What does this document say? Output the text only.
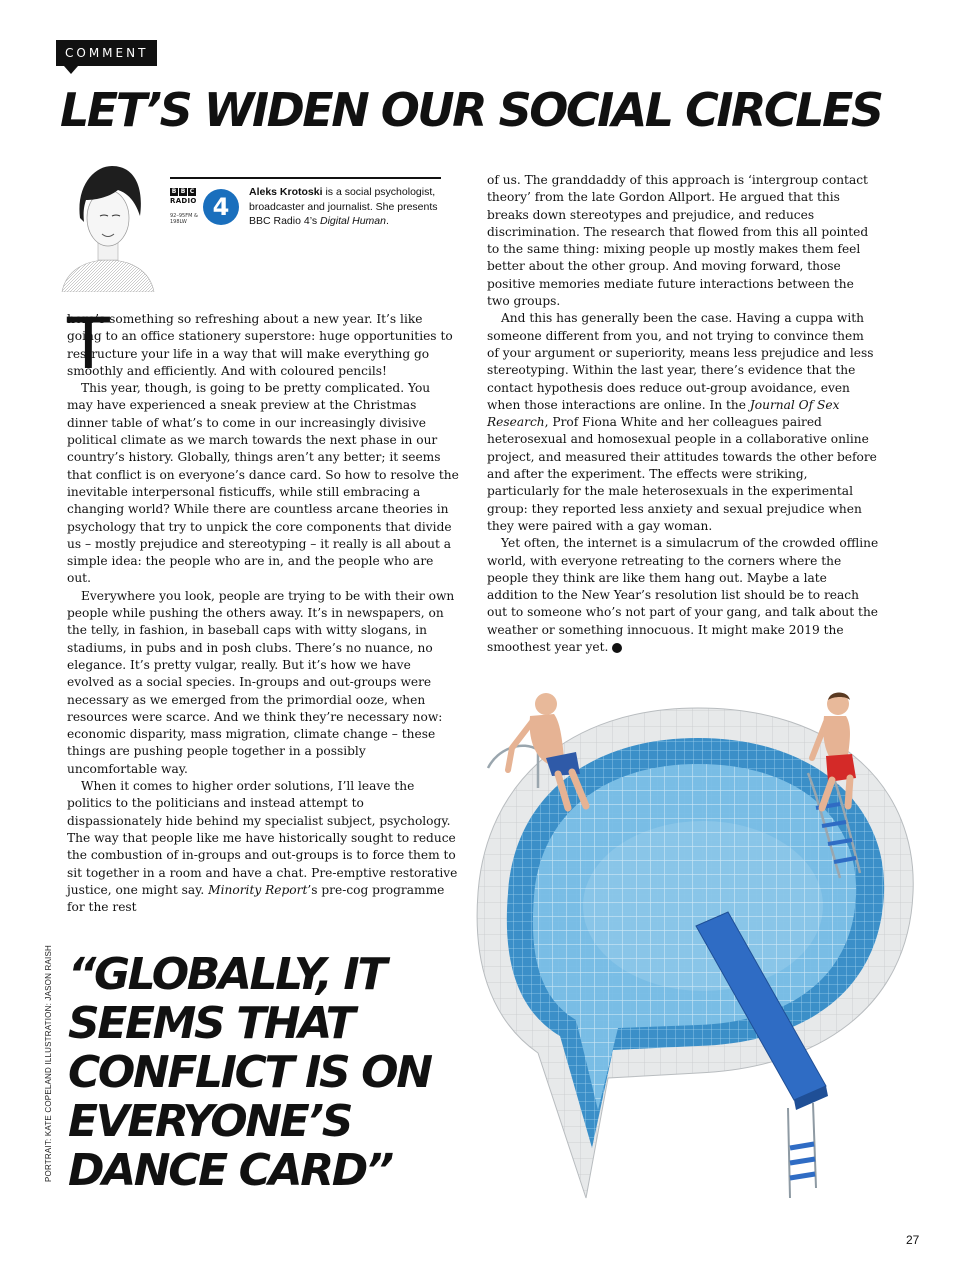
COMMENT
LET’S WIDEN OUR SOCIAL CIRCLES
B B C
RADIO
92–95FM &
198LW
4
Aleks Krotoski is a social psychologist, broadcaster and journalist. She presents BBC Radio 4’s Digital Human.
T

here’s something so refreshing about a new year. It’s like going to an office stationery superstore: huge opportunities to restructure your life in a way that will make everything go smoothly and efficiently. And with coloured pencils!

This year, though, is going to be pretty complicated. You may have experienced a sneak preview at the Christmas dinner table of what’s to come in our increasingly divisive political climate as we march towards the next phase in our country’s history. Globally, things aren’t any better; it seems that conflict is on everyone’s dance card. So how to resolve the inevitable interpersonal fisticuffs, while still embracing a changing world? While there are countless arcane theories in psychology that try to unpick the core components that divide us – mostly prejudice and stereotyping – it really is all about a simple idea: the people who are in, and the people who are out.

Everywhere you look, people are trying to be with their own people while pushing the others away. It’s in newspapers, on the telly, in fashion, in baseball caps with witty slogans, in stadiums, in pubs and in posh clubs. There’s no nuance, no elegance. It’s pretty vulgar, really. But it’s how we have evolved as a social species. In-groups and out-groups were necessary as we emerged from the primordial ooze, when resources were scarce. And we think they’re necessary now: economic disparity, mass migration, climate change – these things are pushing people together in a possibly uncomfortable way.

When it comes to higher order solutions, I’ll leave the politics to the politicians and instead attempt to dispassionately hide behind my specialist subject, psychology. The way that people like me have historically sought to reduce the combustion of in-groups and out-groups is to force them to sit together in a room and have a chat. Pre-emptive restorative justice, one might say. Minority Report’s pre-cog programme for the rest

of us. The granddaddy of this approach is ‘intergroup contact theory’ from the late Gordon Allport. He argued that this breaks down stereotypes and prejudice, and reduces discrimination. The research that flowed from this all pointed to the same thing: mixing people up mostly makes them feel better about the other group. And moving forward, those positive memories mediate future interactions between the two groups.

And this has generally been the case. Having a cuppa with someone different from you, and not trying to convince them of your argument or superiority, means less prejudice and less stereotyping. Within the last year, there’s evidence that the contact hypothesis does reduce out-group avoidance, even when those interactions are online. In the Journal Of Sex Research, Prof Fiona White and her colleagues paired heterosexual and homosexual people in a collaborative online project, and measured their attitudes towards the other before and after the experiment. The effects were striking, particularly for the male heterosexuals in the experimental group: they reported less anxiety and sexual prejudice when they were paired with a gay woman.

Yet often, the internet is a simulacrum of the crowded offline world, with everyone retreating to the corners where the people they think are like them hang out. Maybe a late addition to the New Year’s resolution list should be to reach out to someone who’s not part of your gang, and talk about the weather or something innocuous. It might make 2019 the smoothest year yet.	F

PORTRAIT: KATE COPELAND ILLUSTRATION: JASON RAISH “GLOBALLY, IT
SEEMS THAT
CONFLICT IS ON
EVERYONE’S
DANCE CARD”
27
